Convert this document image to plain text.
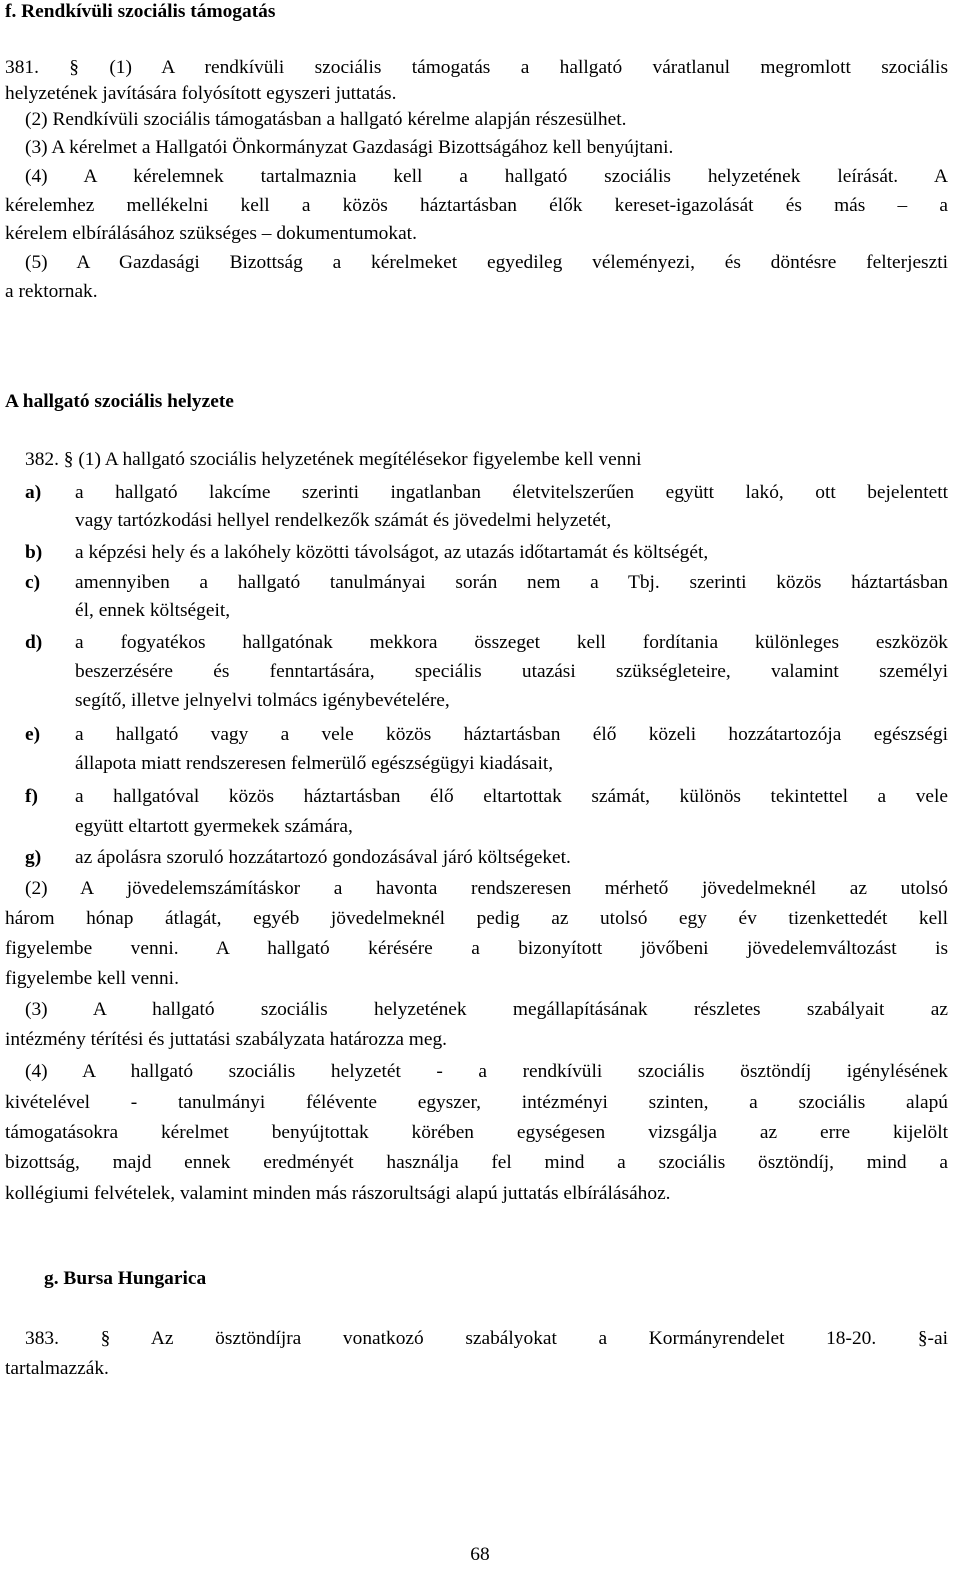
f. Rendkívüli szociális támogatás
381. § (1) A rendkívüli szociális támogatás a hallgató váratlanul megromlott szociális
helyzetének javítására folyósított egyszeri juttatás.
(2) Rendkívüli szociális támogatásban a hallgató kérelme alapján részesülhet.
(3) A kérelmet a Hallgatói Önkormányzat Gazdasági Bizottságához kell benyújtani.
(4) A kérelemnek tartalmaznia kell a hallgató szociális helyzetének leírását. A
kérelemhez mellékelni kell a közös háztartásban élők kereset-igazolását és más – a
kérelem elbírálásához szükséges – dokumentumokat.
(5) A Gazdasági Bizottság a kérelmeket egyedileg véleményezi, és döntésre felterjeszti
a rektornak.
A hallgató szociális helyzete
382. § (1) A hallgató szociális helyzetének megítélésekor figyelembe kell venni
a) a hallgató lakcíme szerinti ingatlanban életvitelszerűen együtt lakó, ott bejelentett
vagy tartózkodási hellyel rendelkezők számát és jövedelmi helyzetét,
b) a képzési hely és a lakóhely közötti távolságot, az utazás időtartamát és költségét,
c) amennyiben a hallgató tanulmányai során nem a Tbj. szerinti közös háztartásban
él, ennek költségeit,
d) a fogyatékos hallgatónak mekkora összeget kell fordítania különleges eszközök
beszerzésére és fenntartására, speciális utazási szükségleteire, valamint személyi
segítő, illetve jelnyelvi tolmács igénybevételére,
e) a hallgató vagy a vele közös háztartásban élő közeli hozzátartozója egészségi
állapota miatt rendszeresen felmerülő egészségügyi kiadásait,
f) a hallgatóval közös háztartásban élő eltartottak számát, különös tekintettel a vele
együtt eltartott gyermekek számára,
g) az ápolásra szoruló hozzátartozó gondozásával járó költségeket.
(2) A jövedelemszámításkor a havonta rendszeresen mérhető jövedelmeknél az utolsó
három hónap átlagát, egyéb jövedelmeknél pedig az utolsó egy év tizenkettedét kell
figyelembe venni. A hallgató kérésére a bizonyított jövőbeni jövedelemváltozást is
figyelembe kell venni.
(3) A hallgató szociális helyzetének megállapításának részletes szabályait az
intézmény térítési és juttatási szabályzata határozza meg.
(4) A hallgató szociális helyzetét - a rendkívüli szociális ösztöndíj igénylésének
kivételével - tanulmányi félévente egyszer, intézményi szinten, a szociális alapú
támogatásokra kérelmet benyújtottak körében egységesen vizsgálja az erre kijelölt
bizottság, majd ennek eredményét használja fel mind a szociális ösztöndíj, mind a
kollégiumi felvételek, valamint minden más rászorultsági alapú juttatás elbírálásához.
g. Bursa Hungarica
383. § Az ösztöndíjra vonatkozó szabályokat a Kormányrendelet 18-20. §-ai
tartalmazzák.
68
